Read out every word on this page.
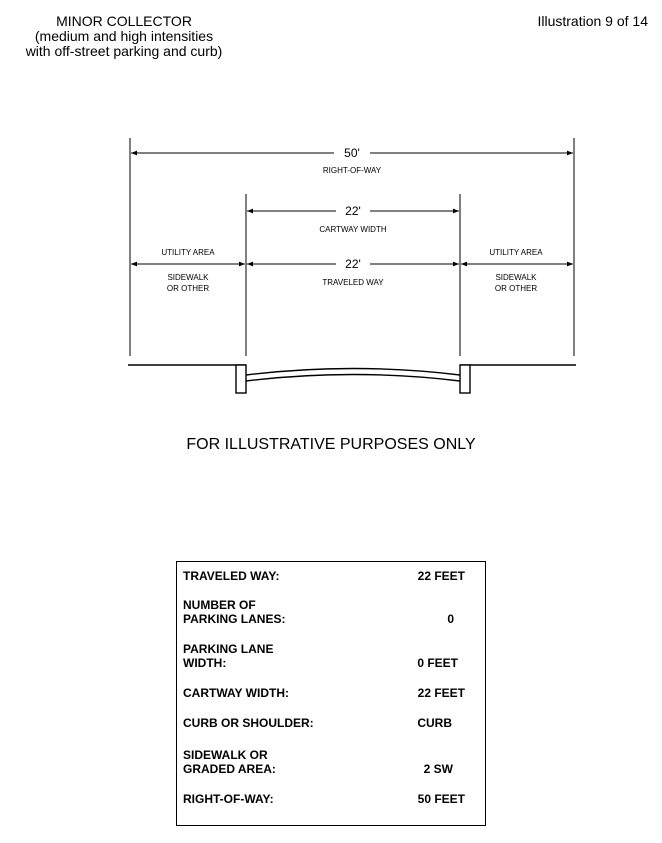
MINOR COLLECTOR
(medium and high intensities
with off-street parking and curb)
Illustration 9 of 14
50'
RIGHT-OF-WAY
22'
CARTWAY WIDTH
22'
TRAVELED WAY
UTILITY AREA
SIDEWALK
OR OTHER
UTILITY AREA
SIDEWALK
OR OTHER
FOR ILLUSTRATIVE PURPOSES ONLY
TRAVELED WAY:	22 FEET
NUMBER OF
PARKING LANES:	0
PARKING LANE
WIDTH:	0 FEET
CARTWAY WIDTH:	22 FEET
CURB OR SHOULDER:	CURB
SIDEWALK OR
GRADED AREA:	2 SW
RIGHT-OF-WAY:	50 FEET
